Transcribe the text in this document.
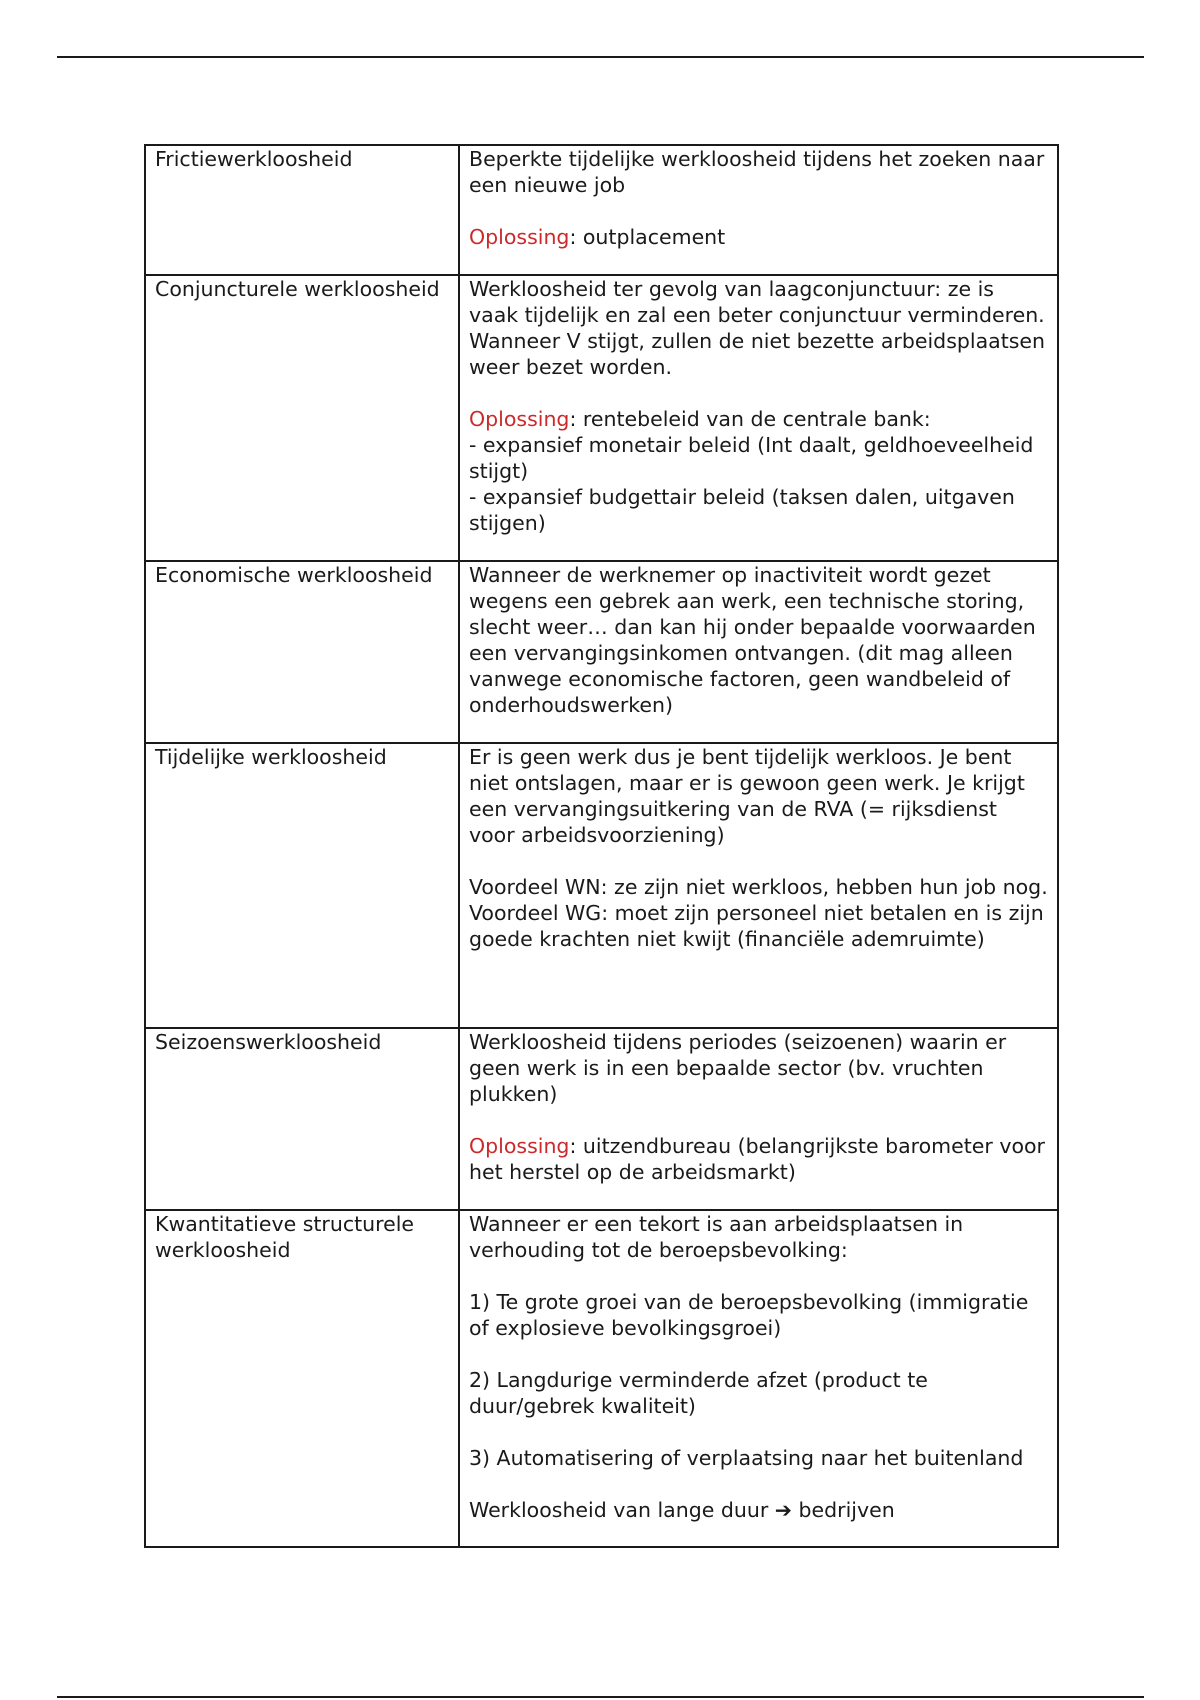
Frictiewerkloosheid	Beperkte tijdelijke werkloosheid tijdens het zoeken naar een nieuwe job

Oplossing: outplacement

Conjuncturele werkloosheid	Werkloosheid ter gevolg van laagconjunctuur: ze is vaak tijdelijk en zal een beter conjunctuur verminderen. Wanneer V stijgt, zullen de niet bezette arbeidsplaatsen weer bezet worden.

Oplossing: rentebeleid van de centrale bank:

- expansief monetair beleid (Int daalt, geldhoeveelheid stijgt)

- expansief budgettair beleid (taksen dalen, uitgaven stijgen)

Economische werkloosheid	Wanneer de werknemer op inactiviteit wordt gezet wegens een gebrek aan werk, een technische storing, slecht weer… dan kan hij onder bepaalde voorwaarden een vervangingsinkomen ontvangen. (dit mag alleen vanwege economische factoren, geen wandbeleid of onderhoudswerken)

Tijdelijke werkloosheid	Er is geen werk dus je bent tijdelijk werkloos. Je bent niet ontslagen, maar er is gewoon geen werk. Je krijgt een vervangingsuitkering van de RVA (= rijksdienst voor arbeidsvoorziening)

Voordeel WN: ze zijn niet werkloos, hebben hun job nog.

Voordeel WG: moet zijn personeel niet betalen en is zijn goede krachten niet kwijt (financiële ademruimte)

Seizoenswerkloosheid	Werkloosheid tijdens periodes (seizoenen) waarin er geen werk is in een bepaalde sector (bv. vruchten plukken)

Oplossing: uitzendbureau (belangrijkste barometer voor het herstel op de arbeidsmarkt)

Kwantitatieve structurele werkloosheid	Wanneer er een tekort is aan arbeidsplaatsen in verhouding tot de beroepsbevolking:

1) Te grote groei van de beroepsbevolking (immigratie of explosieve bevolkingsgroei)

2) Langdurige verminderde afzet (product te duur/gebrek kwaliteit)

3) Automatisering of verplaatsing naar het buitenland

Werkloosheid van lange duur ➔ bedrijven
